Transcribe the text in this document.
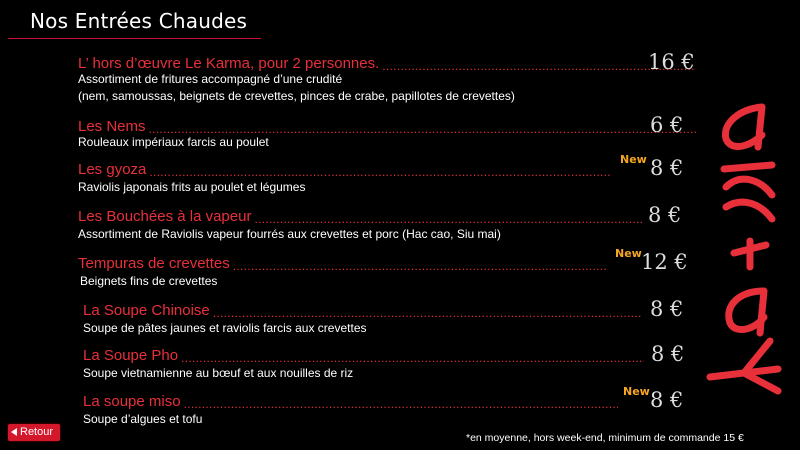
Nos Entrées Chaudes
L’ hors d’œuvre Le Karma, pour 2 personnes. .....	16 €
Assortiment de fritures accompagné d’une crudité
(nem, samoussas, beignets de crevettes, pinces de crabe, papillotes de crevettes)
Les Nems .....	6 €
Rouleaux impériaux farcis au poulet
Les gyoza
.....
New 8 €
Raviolis japonais frits au poulet et légumes
Les Bouchées à la vapeur .....	8 €
Assortiment de Raviolis vapeur fourrés aux crevettes et porc (Hac cao, Siu mai)
Tempuras de crevettes
.....
New 12 €
Beignets fins de crevettes
La Soupe Chinoise .....	8 €
Soupe de pâtes jaunes et raviolis farcis aux crevettes
La Soupe Pho .....	8 €
Soupe vietnamienne au bœuf et aux nouilles de riz
La soupe miso
.....
New 8 €
Soupe d’algues et tofu
Retour	*en moyenne, hors week-end, minimum de commande 15 €
